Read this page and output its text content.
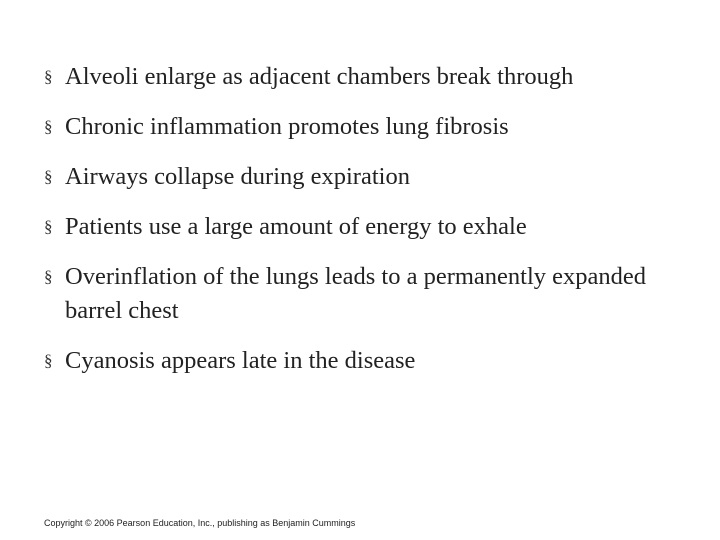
§ Alveoli enlarge as adjacent chambers break through
§ Chronic inflammation promotes lung fibrosis
§ Airways collapse during expiration
§ Patients use a large amount of energy to exhale
§ Overinflation of the lungs leads to a permanently expanded barrel chest
§ Cyanosis appears late in the disease
Copyright © 2006 Pearson Education, Inc., publishing as Benjamin Cummings
